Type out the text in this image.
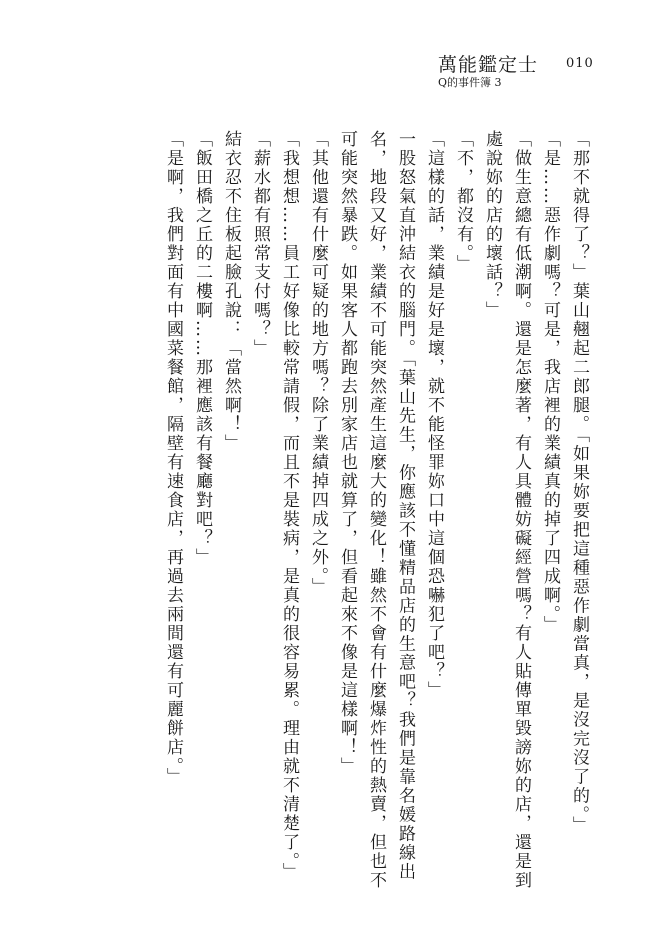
萬能鑑定士 010
Q的事件簿 3

「那不就得了？」葉山翹起二郎腿。「如果妳要把這種惡作劇當真，是沒完沒了的。」

「是……惡作劇嗎？可是，我店裡的業績真的掉了四成啊。」

「做生意總有低潮啊。還是怎麼著，有人具體妨礙經營嗎？有人貼傳單毀謗妳的店，還是到處說妳的店的壞話？」

「不，都沒有。」

「這樣的話，業績是好是壞，就不能怪罪妳口中這個恐嚇犯了吧？」

一股怒氣直沖結衣的腦門。「葉山先生，你應該不懂精品店的生意吧？我們是靠名媛路線出名，地段又好，業績不可能突然產生這麼大的變化！雖然不會有什麼爆炸性的熱賣，但也不可能突然暴跌。如果客人都跑去別家店也就算了，但看起來不像是這樣啊！」

「其他還有什麼可疑的地方嗎？除了業績掉四成之外。」

「我想想……員工好像比較常請假，而且不是裝病，是真的很容易累。理由就不清楚了。」

「薪水都有照常支付嗎？」

結衣忍不住板起臉孔說：「當然啊！」

「飯田橋之丘的二樓啊……那裡應該有餐廳對吧？」

「是啊，我們對面有中國菜餐館，隔壁有速食店，再過去兩間還有可麗餅店。」
